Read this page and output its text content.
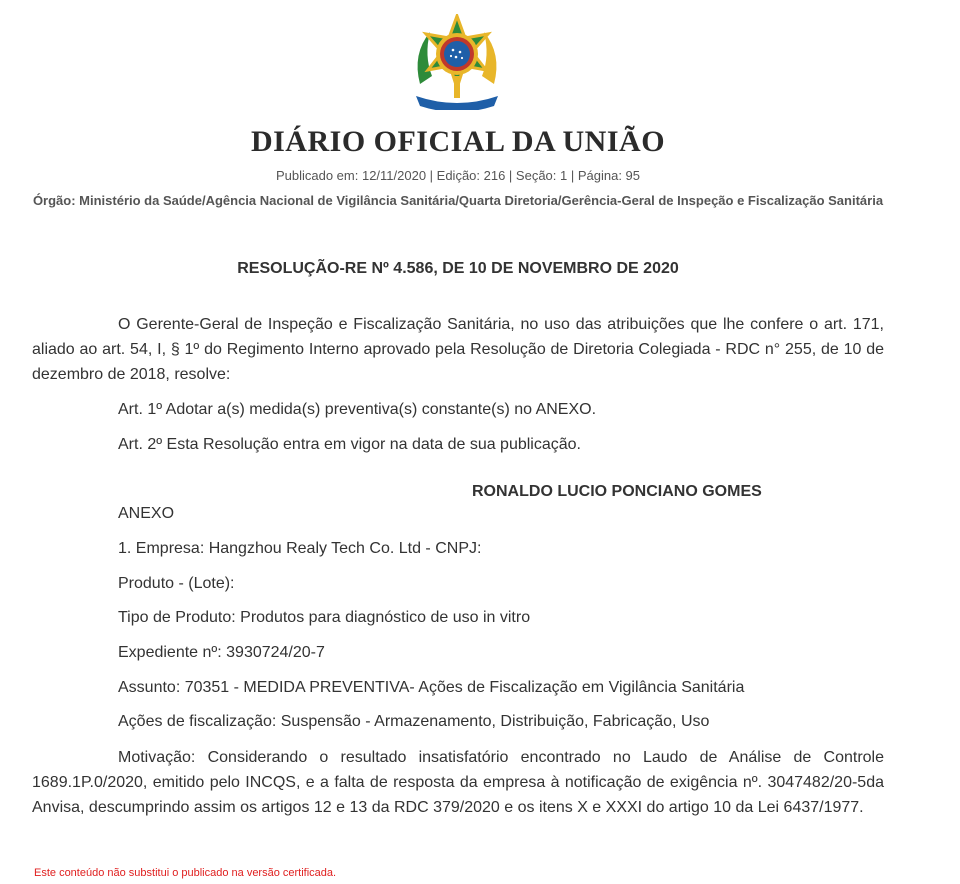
DIÁRIO OFICIAL DA UNIÃO
Publicado em: 12/11/2020 | Edição: 216 | Seção: 1 | Página: 95
Órgão: Ministério da Saúde/Agência Nacional de Vigilância Sanitária/Quarta Diretoria/Gerência-Geral de Inspeção e Fiscalização Sanitária
RESOLUÇÃO-RE Nº 4.586, DE 10 DE NOVEMBRO DE 2020
O Gerente-Geral de Inspeção e Fiscalização Sanitária, no uso das atribuições que lhe confere o art. 171, aliado ao art. 54, I, § 1º do Regimento Interno aprovado pela Resolução de Diretoria Colegiada - RDC n° 255, de 10 de dezembro de 2018, resolve:
Art. 1º Adotar a(s) medida(s) preventiva(s) constante(s) no ANEXO.
Art. 2º Esta Resolução entra em vigor na data de sua publicação.
RONALDO LUCIO PONCIANO GOMES
ANEXO
1. Empresa: Hangzhou Realy Tech Co. Ltd - CNPJ:
Produto - (Lote):
Tipo de Produto: Produtos para diagnóstico de uso in vitro
Expediente nº: 3930724/20-7
Assunto: 70351 - MEDIDA PREVENTIVA- Ações de Fiscalização em Vigilância Sanitária
Ações de fiscalização: Suspensão - Armazenamento, Distribuição, Fabricação, Uso
Motivação: Considerando o resultado insatisfatório encontrado no Laudo de Análise de Controle 1689.1P.0/2020, emitido pelo INCQS, e a falta de resposta da empresa à notificação de exigência nº. 3047482/20-5da Anvisa, descumprindo assim os artigos 12 e 13 da RDC 379/2020 e os itens X e XXXI do artigo 10 da Lei 6437/1977.
Este conteúdo não substitui o publicado na versão certificada.
